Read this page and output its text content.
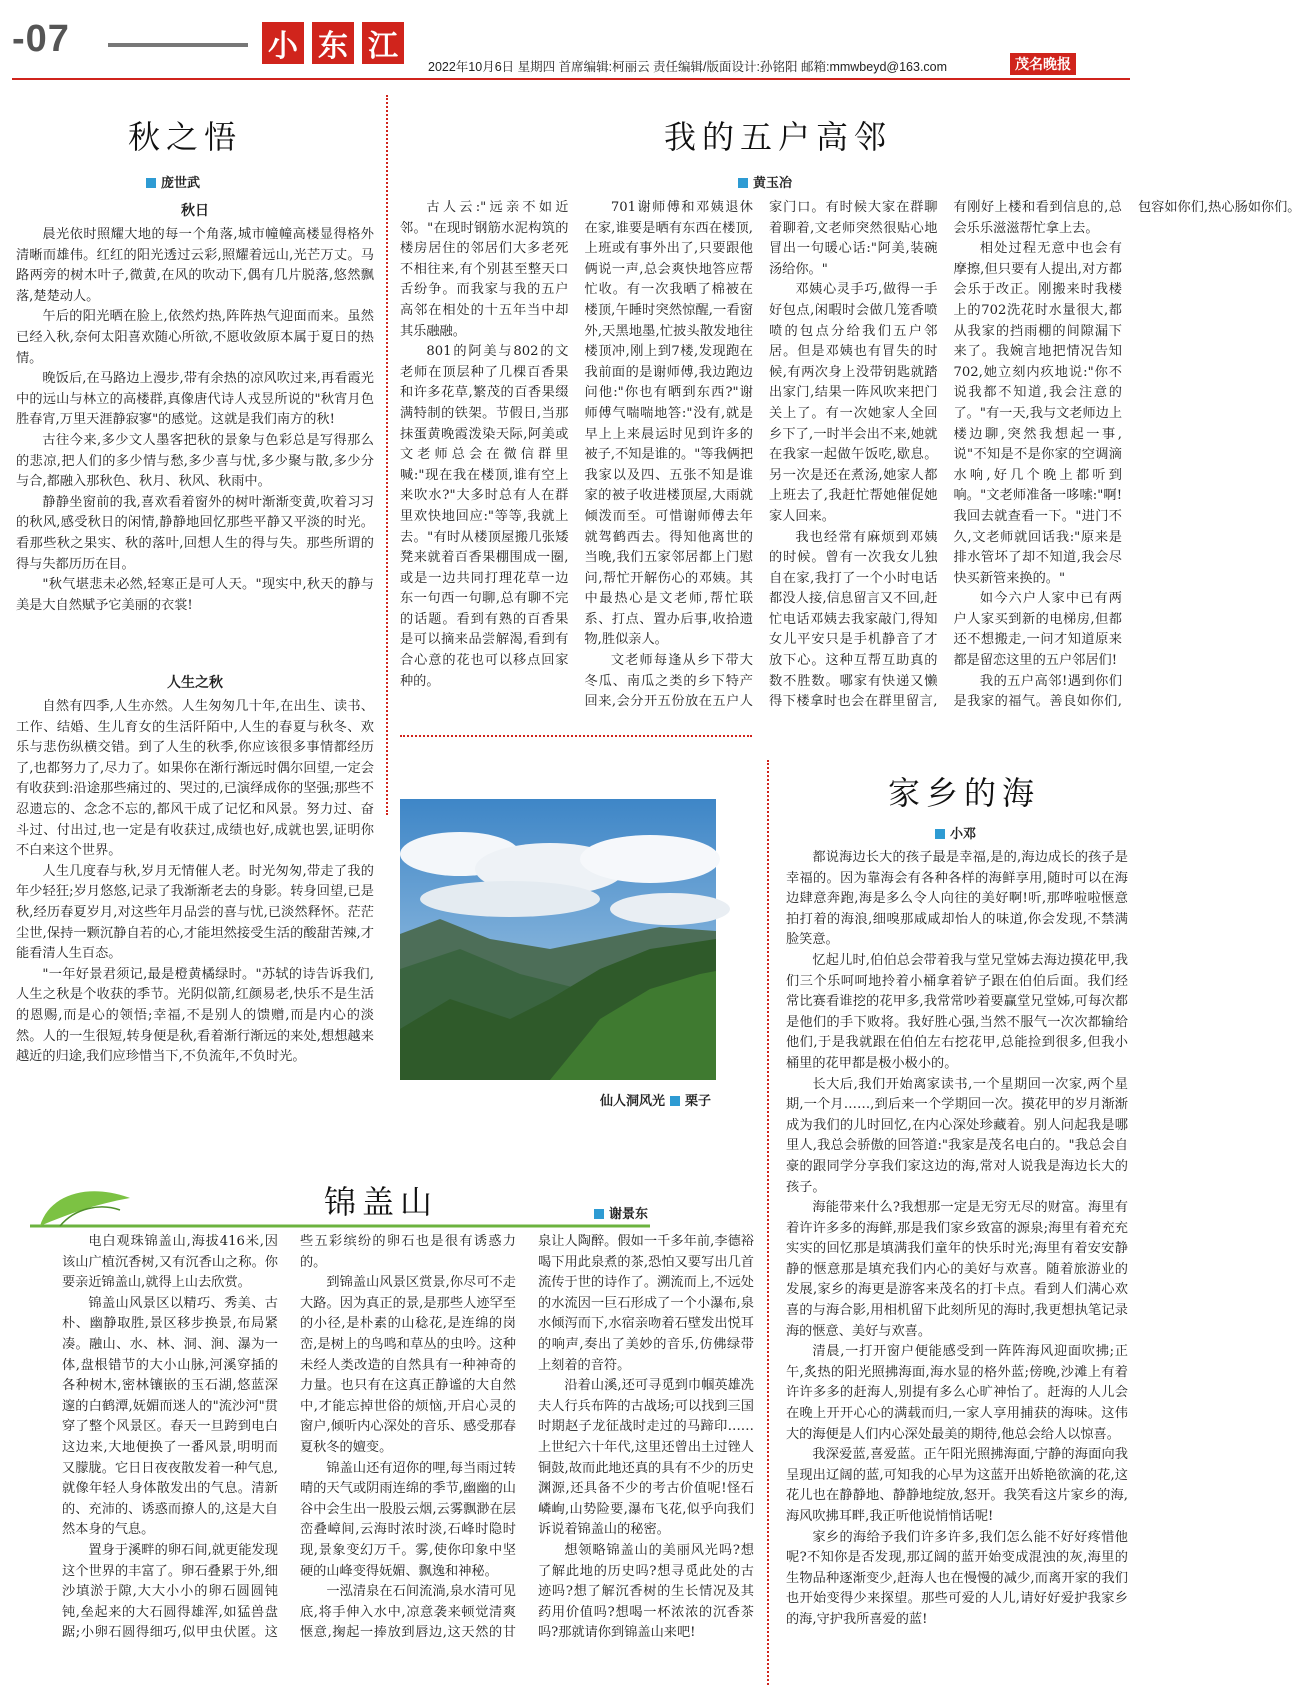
-07	小 东 江
2022年10月6日 星期四 首席编辑:柯丽云 责任编辑/版面设计:孙铭阳 邮箱:mmwbeyd@163.com	茂名晚报
秋之悟
庞世武
秋日

晨光依时照耀大地的每一个角落,城市幢幢高楼显得格外清晰而雄伟。红红的阳光透过云彩,照耀着远山,光芒万丈。马路两旁的树木叶子,微黄,在风的吹动下,偶有几片脱落,悠然飘落,楚楚动人。

午后的阳光晒在脸上,依然灼热,阵阵热气迎面而来。虽然已经入秋,奈何太阳喜欢随心所欲,不愿收敛原本属于夏日的热情。

晚饭后,在马路边上漫步,带有余热的凉风吹过来,再看霞光中的远山与林立的高楼群,真像唐代诗人戎昱所说的"秋宵月色胜春宵,万里天涯静寂寥"的感觉。这就是我们南方的秋!

古往今来,多少文人墨客把秋的景象与色彩总是写得那么的悲凉,把人们的多少情与愁,多少喜与忧,多少聚与散,多少分与合,都融入那秋色、秋月、秋风、秋雨中。

静静坐窗前的我,喜欢看着窗外的树叶渐渐变黄,吹着习习的秋风,感受秋日的闲情,静静地回忆那些平静又平淡的时光。看那些秋之果实、秋的落叶,回想人生的得与失。那些所谓的得与失都历历在目。

"秋气堪悲未必然,轻寒正是可人天。"现实中,秋天的静与美是大自然赋予它美丽的衣裳!

人生之秋

自然有四季,人生亦然。人生匆匆几十年,在出生、读书、工作、结婚、生儿育女的生活阡陌中,人生的春夏与秋冬、欢乐与悲伤纵横交错。到了人生的秋季,你应该很多事情都经历了,也都努力了,尽力了。如果你在渐行渐远时偶尔回望,一定会有收获到:沿途那些痛过的、哭过的,已演绎成你的坚强;那些不忍遗忘的、念念不忘的,都风干成了记忆和风景。努力过、奋斗过、付出过,也一定是有收获过,成绩也好,成就也罢,证明你不白来这个世界。

人生几度春与秋,岁月无情催人老。时光匆匆,带走了我的年少轻狂;岁月悠悠,记录了我渐渐老去的身影。转身回望,已是秋,经历春夏岁月,对这些年月品尝的喜与忧,已淡然释怀。茫茫尘世,保持一颗沉静自若的心,才能坦然接受生活的酸甜苦辣,才能看清人生百态。

"一年好景君须记,最是橙黄橘绿时。"苏轼的诗告诉我们,人生之秋是个收获的季节。光阴似箭,红颜易老,快乐不是生活的恩赐,而是心的领悟;幸福,不是别人的馈赠,而是内心的淡然。人的一生很短,转身便是秋,看着渐行渐远的来处,想想越来越近的归途,我们应珍惜当下,不负流年,不负时光。

我的五户高邻
黄玉冶

古人云:"远亲不如近邻。"在现时钢筋水泥构筑的楼房居住的邻居们大多老死不相往来,有个别甚至整天口舌纷争。而我家与我的五户高邻在相处的十五年当中却其乐融融。

801的阿美与802的文老师在顶层种了几棵百香果和许多花草,繁茂的百香果缀满特制的铁架。节假日,当那抹蛋黄晚霞泼染天际,阿美或文老师总会在微信群里喊:"现在我在楼顶,谁有空上来吹水?"大多时总有人在群里欢快地回应:"等等,我就上去。"有时从楼顶屋搬几张矮凳来就着百香果棚围成一圈,或是一边共同打理花草一边东一句西一句聊,总有聊不完的话题。看到有熟的百香果是可以摘来品尝解渴,看到有合心意的花也可以移点回家种的。

701谢师傅和邓姨退休在家,谁要是晒有东西在楼顶,上班或有事外出了,只要跟他俩说一声,总会爽快地答应帮忙收。有一次我晒了棉被在楼顶,午睡时突然惊醒,一看窗外,天黑地墨,忙披头散发地往楼顶冲,刚上到7楼,发现跑在我前面的是谢师傅,我边跑边问他:"你也有晒到东西?"谢师傅气喘喘地答:"没有,就是早上上来晨运时见到许多的被子,不知是谁的。"等我俩把我家以及四、五张不知是谁家的被子收进楼顶屋,大雨就倾泼而至。可惜谢师傅去年就驾鹤西去。得知他离世的当晚,我们五家邻居都上门慰问,帮忙开解伤心的邓姨。其中最热心是文老师,帮忙联系、打点、置办后事,收拾遗物,胜似亲人。

文老师每逢从乡下带大冬瓜、南瓜之类的乡下特产回来,会分开五份放在五户人家门口。有时候大家在群聊着聊着,文老师突然很贴心地冒出一句暖心话:"阿美,装碗汤给你。"

邓姨心灵手巧,做得一手好包点,闲暇时会做几笼香喷喷的包点分给我们五户邻居。但是邓姨也有冒失的时候,有两次身上没带钥匙就踏出家门,结果一阵风吹来把门关上了。有一次她家人全回乡下了,一时半会出不来,她就在我家一起做午饭吃,歇息。另一次是还在煮汤,她家人都上班去了,我赶忙帮她催促她家人回来。

我也经常有麻烦到邓姨的时候。曾有一次我女儿独自在家,我打了一个小时电话都没人接,信息留言又不回,赶忙电话邓姨去我家敲门,得知女儿平安只是手机静音了才放下心。这种互帮互助真的数不胜数。哪家有快递又懒得下楼拿时也会在群里留言,有刚好上楼和看到信息的,总会乐乐滋滋帮忙拿上去。

相处过程无意中也会有摩擦,但只要有人提出,对方都会乐于改正。刚搬来时我楼上的702洗花时水量很大,都从我家的挡雨棚的间隙漏下来了。我婉言地把情况告知702,她立刻内疚地说:"你不说我都不知道,我会注意的了。"有一天,我与文老师边上楼边聊,突然我想起一事,说"不知是不是你家的空调滴水响,好几个晚上都听到响。"文老师准备一哆嗦:"啊!我回去就查看一下。"进门不久,文老师就回话我:"原来是排水管坏了却不知道,我会尽快买新管来换的。"

如今六户人家中已有两户人家买到新的电梯房,但都还不想搬走,一问才知道原来都是留恋这里的五户邻居们!

我的五户高邻!遇到你们是我家的福气。善良如你们,包容如你们,热心肠如你们。

仙人洞风光 栗子
家乡的海
小邓

都说海边长大的孩子最是幸福,是的,海边成长的孩子是幸福的。因为靠海会有各种各样的海鲜享用,随时可以在海边肆意奔跑,海是多么令人向往的美好啊!听,那哗啦啦惬意拍打着的海浪,细嗅那咸咸却怡人的味道,你会发现,不禁满脸笑意。

忆起儿时,伯伯总会带着我与堂兄堂姊去海边摸花甲,我们三个乐呵呵地拎着小桶拿着铲子跟在伯伯后面。我们经常比赛看谁挖的花甲多,我常常吵着要赢堂兄堂姊,可每次都是他们的手下败将。我好胜心强,当然不服气一次次都输给他们,于是我就跟在伯伯左右挖花甲,总能捡到很多,但我小桶里的花甲都是极小极小的。

长大后,我们开始离家读书,一个星期回一次家,两个星期,一个月……,到后来一个学期回一次。摸花甲的岁月渐渐成为我们的儿时回忆,在内心深处珍藏着。别人问起我是哪里人,我总会骄傲的回答道:"我家是茂名电白的。"我总会自豪的跟同学分享我们家这边的海,常对人说我是海边长大的孩子。

海能带来什么?我想那一定是无穷无尽的财富。海里有着许许多多的海鲜,那是我们家乡致富的源泉;海里有着充充实实的回忆那是填满我们童年的快乐时光;海里有着安安静静的惬意那是填充我们内心的美好与欢喜。随着旅游业的发展,家乡的海更是游客来茂名的打卡点。看到人们满心欢喜的与海合影,用相机留下此刻所见的海时,我更想执笔记录海的惬意、美好与欢喜。

清晨,一打开窗户便能感受到一阵阵海风迎面吹拂;正午,炙热的阳光照拂海面,海水显的格外蓝;傍晚,沙滩上有着许许多多的赶海人,别提有多么心旷神怡了。赶海的人儿会在晚上开开心心的满载而归,一家人享用捕获的海味。这伟大的海便是人们内心深处最美的期待,他总会给人以惊喜。

我深爱蓝,喜爱蓝。正午阳光照拂海面,宁静的海面向我呈现出辽阔的蓝,可知我的心早为这蓝开出娇艳欲滴的花,这花儿也在静静地、静静地绽放,怒开。我笑看这片家乡的海,海风吹拂耳畔,我正听他说悄悄话呢!

家乡的海给予我们许多许多,我们怎么能不好好疼惜他呢?不知你是否发现,那辽阔的蓝开始变成混浊的灰,海里的生物品种逐渐变少,赶海人也在慢慢的减少,而离开家的我们也开始变得少来探望。那些可爱的人儿,请好好爱护我家乡的海,守护我所喜爱的蓝!

锦盖山	谢景东

电白观珠锦盖山,海拔416米,因该山广植沉香树,又有沉香山之称。你要亲近锦盖山,就得上山去欣赏。

锦盖山风景区以精巧、秀美、古朴、幽静取胜,景区移步换景,布局紧凑。融山、水、林、洞、涧、瀑为一体,盘根错节的大小山脉,河溪穿插的各种树木,密林镶嵌的玉石湖,悠蓝深邃的白鹤潭,妩媚而迷人的"流沙河"贯穿了整个风景区。春天一旦跨到电白这边来,大地便换了一番风景,明明而又朦胧。它日日夜夜散发着一种气息,就像年轻人身体散发出的气息。清新的、充沛的、诱惑而撩人的,这是大自然本身的气息。

置身于溪畔的卵石间,就更能发现这个世界的丰富了。卵石叠累于外,细沙填淤于隙,大大小小的卵石圆圆钝钝,垒起来的大石圆得雄浑,如猛兽盘踞;小卵石圆得细巧,似甲虫伏匿。这些五彩缤纷的卵石也是很有诱惑力的。

到锦盖山风景区赏景,你尽可不走大路。因为真正的景,是那些人迹罕至的小径,是朴素的山稔花,是连绵的岗峦,是树上的鸟鸣和草丛的虫吟。这种未经人类改造的自然具有一种神奇的力量。也只有在这真正静谧的大自然中,才能忘掉世俗的烦恼,开启心灵的窗户,倾听内心深处的音乐、感受那春夏秋冬的嬗变。

锦盖山还有迢你的哩,每当雨过转晴的天气或阴雨连绵的季节,幽幽的山谷中会生出一股股云烟,云雾飘渺在层峦叠嶂间,云海时浓时淡,石峰时隐时现,景象变幻万千。雾,使你印象中坚硬的山峰变得妩媚、飘逸和神秘。

一泓清泉在石间流淌,泉水清可见底,将手伸入水中,凉意袭来顿觉清爽惬意,掬起一捧放到唇边,这天然的甘泉让人陶醉。假如一千多年前,李德裕喝下用此泉煮的茶,恐怕又要写出几首流传于世的诗作了。溯流而上,不远处的水流因一巨石形成了一个小瀑布,泉水倾泻而下,水宿亲吻着石壁发出悦耳的响声,奏出了美妙的音乐,仿佛绿带上刻着的音符。

沿着山溪,还可寻觅到巾帼英雄冼夫人行兵布阵的古战场;可以找到三国时期赵子龙征战时走过的马蹄印……上世纪六十年代,这里还曾出土过锉人铜鼓,故而此地还真的具有不少的历史渊源,还具备不少的考古价值呢!怪石嶙峋,山势险要,瀑布飞花,似乎向我们诉说着锦盖山的秘密。

想领略锦盖山的美丽风光吗?想了解此地的历史吗?想寻觅此处的古迹吗?想了解沉香树的生长情况及其药用价值吗?想喝一杯浓浓的沉香茶吗?那就请你到锦盖山来吧!
